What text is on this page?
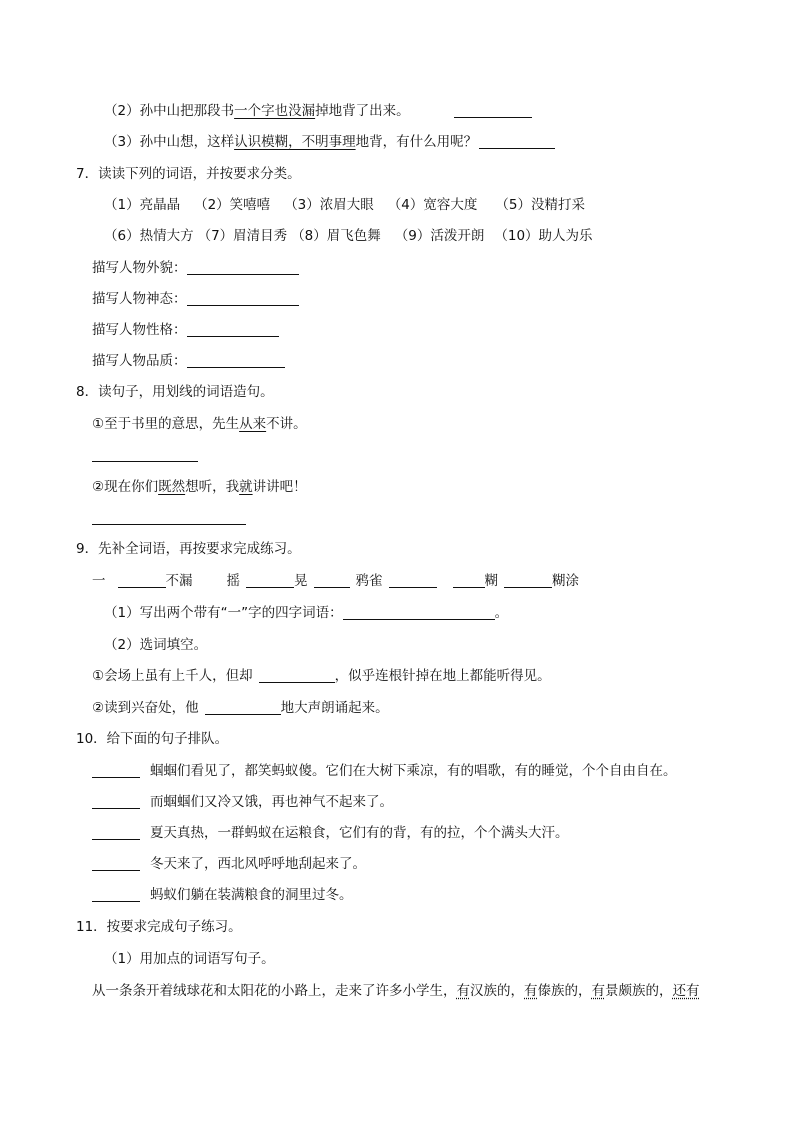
（2）孙中山把那段书一个字也没漏掉地背了出来。
（3）孙中山想，这样认识模糊，不明事理地背，有什么用呢？
7．读读下列的词语，并按要求分类。
（1）亮晶晶 （2）笑嘻嘻 （3）浓眉大眼 （4）宽容大度 （5）没精打采
（6）热情大方 （7）眉清目秀 （8）眉飞色舞 （9）活泼开朗 （10）助人为乐
描写人物外貌：
描写人物神态：
描写人物性格：
描写人物品质：
8．读句子，用划线的词语造句。
①至于书里的意思，先生从来不讲。
②现在你们既然想听，我就讲讲吧！
9．先补全词语，再按要求完成练习。
一	不漏	摇	晃	鸦雀	糊	糊涂
（1）写出两个带有“一”字的四字词语：	。
（2）选词填空。
①会场上虽有上千人，但却	，似乎连根针掉在地上都能听得见。
②读到兴奋处，他	地大声朗诵起来。
10．给下面的句子排队。
蝈蝈们看见了，都笑蚂蚁傻。它们在大树下乘凉，有的唱歌，有的睡觉，个个自由自在。
而蝈蝈们又冷又饿，再也神气不起来了。
夏天真热，一群蚂蚁在运粮食，它们有的背，有的拉，个个满头大汗。
冬天来了，西北风呼呼地刮起来了。
蚂蚁们躺在装满粮食的洞里过冬。
11．按要求完成句子练习。
（1）用加点的词语写句子。
从一条条开着绒球花和太阳花的小路上，走来了许多小学生，有汉族的，有傣族的，有景颇族的，还有
